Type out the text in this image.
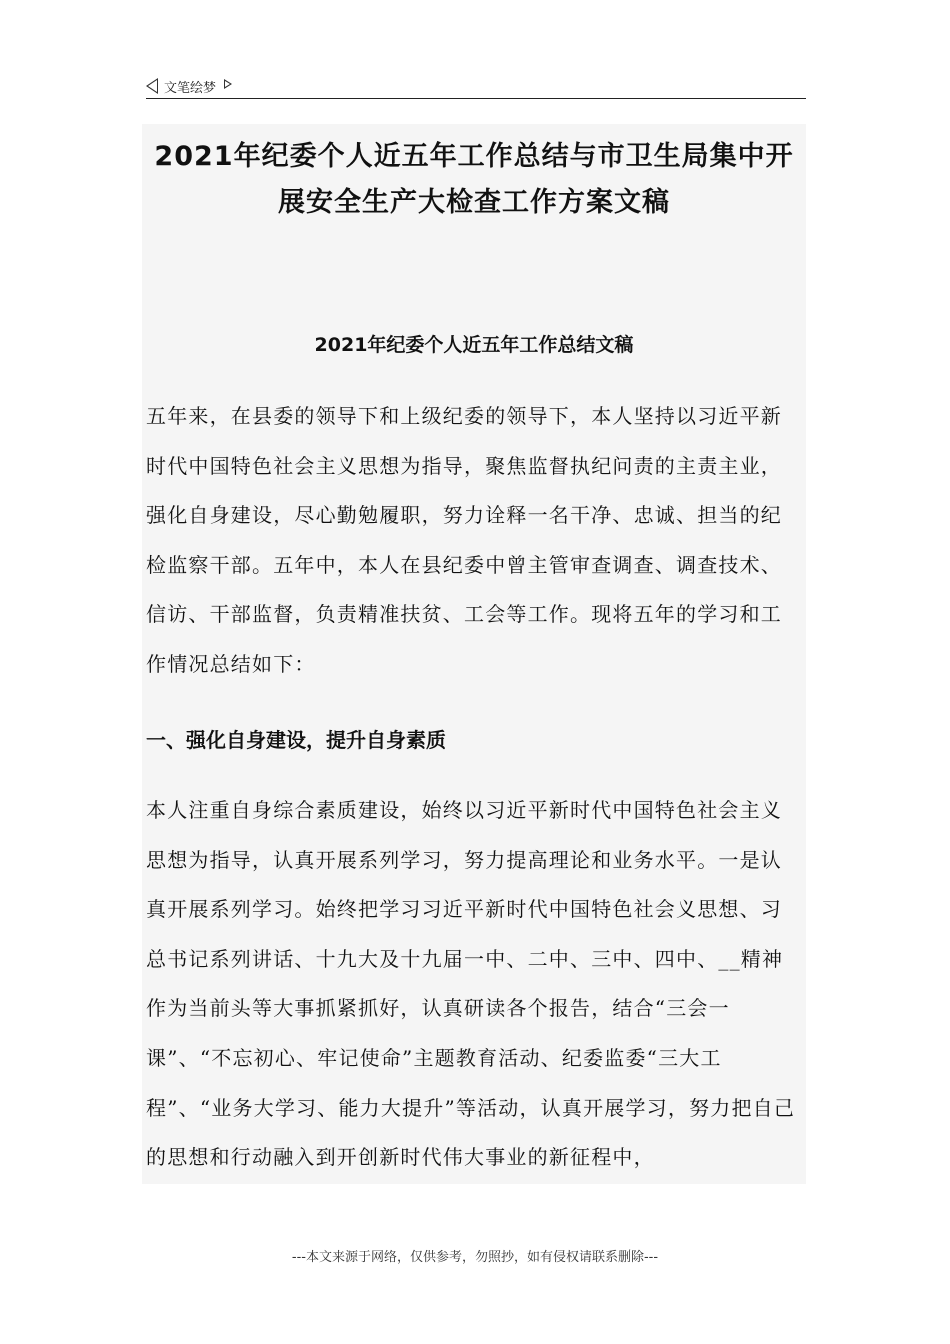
文笔绘梦
2021年纪委个人近五年工作总结与市卫生局集中开
展安全生产大检查工作方案文稿
2021年纪委个人近五年工作总结文稿

五年来，在县委的领导下和上级纪委的领导下，本人坚持以习近平新时代中国特色社会主义思想为指导，聚焦监督执纪问责的主责主业，强化自身建设，尽心勤勉履职，努力诠释一名干净、忠诚、担当的纪检监察干部。五年中，本人在县纪委中曾主管审查调查、调查技术、信访、干部监督，负责精准扶贫、工会等工作。现将五年的学习和工作情况总结如下：

一、强化自身建设，提升自身素质

本人注重自身综合素质建设，始终以习近平新时代中国特色社会主义思想为指导，认真开展系列学习，努力提高理论和业务水平。一是认真开展系列学习。始终把学习习近平新时代中国特色社会义思想、习总书记系列讲话、十九大及十九届一中、二中、三中、四中、__精神作为当前头等大事抓紧抓好，认真研读各个报告，结合“三会一课”、“不忘初心、牢记使命”主题教育活动、纪委监委“三大工程”、“业务大学习、能力大提升”等活动，认真开展学习，努力把自己的思想和行动融入到开创新时代伟大事业的新征程中，

---本文来源于网络，仅供参考，勿照抄，如有侵权请联系删除---
